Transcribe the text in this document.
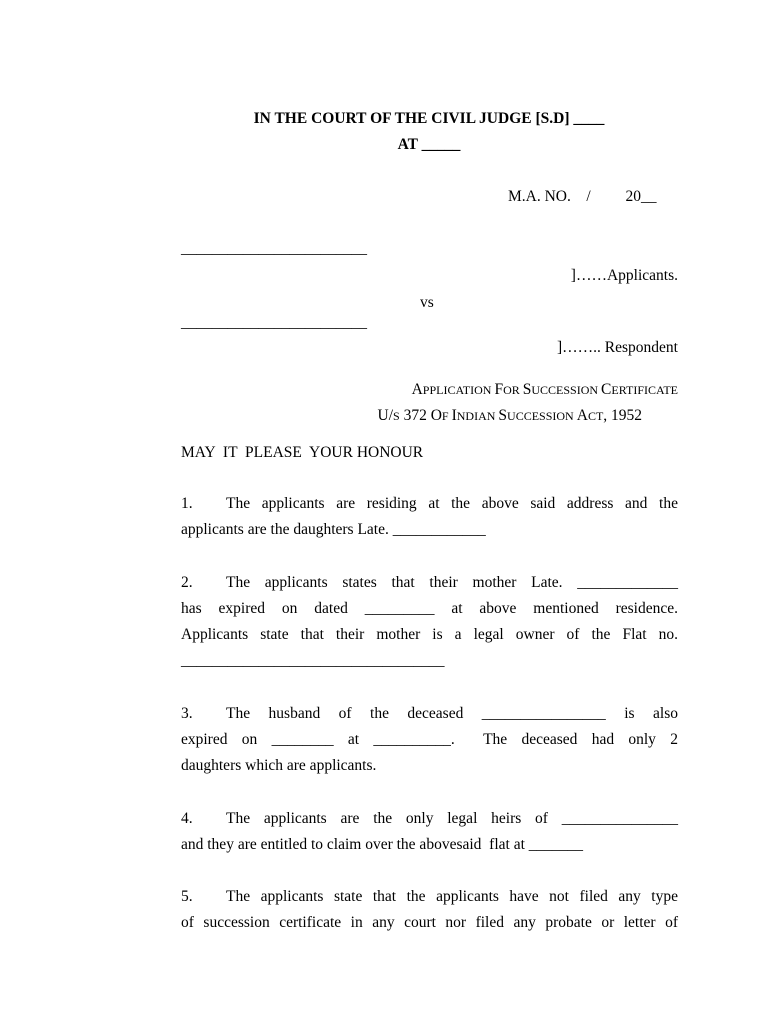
IN THE COURT OF THE CIVIL JUDGE [S.D] ____
AT _____
M.A. NO.    /         20__
________________________
]……Applicants.
vs
________________________
]…….. Respondent

APPLICATION FOR SUCCESSION CERTIFICATE

U/S 372 OF INDIAN SUCCESSION ACT, 1952

MAY  IT  PLEASE  YOUR HONOUR
1. The applicants are residing at the above said address and the
applicants are the daughters Late. ____________
2. The applicants states that their mother Late. _____________
has expired on dated _________ at above mentioned residence.
Applicants state that their mother is a legal owner of the Flat no.
__________________________________
3. The husband of the deceased ________________ is also
expired on ________ at __________.  The deceased had only 2
daughters which are applicants.
4. The applicants are the only legal heirs of _______________
and they are entitled to claim over the abovesaid  flat at _______
5. The applicants state that the applicants have not filed any type
of succession certificate in any court nor filed any probate or letter of
